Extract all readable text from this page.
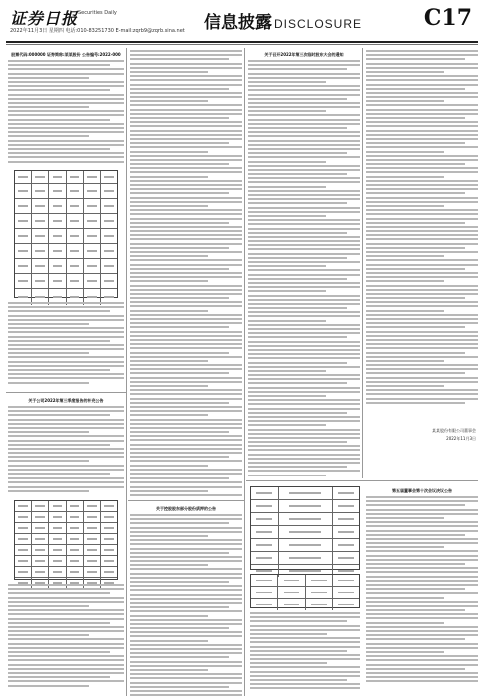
证券日报 Securities Daily
2022年11月3日 星期四 电话:010-83251730 E-mail:zqrb9@zqrb.sina.net 信息披露 DISCLOSURE	C17
股票代码:000000 证券简称:某某股份 公告编号:2022-000
关于公司2022年第三季度报告的补充公告
关于控股股东部分股份质押的公告
关于召开2022年第三次临时股东大会的通知
某某股份有限公司董事会
2022年11月3日
第五届董事会第十次会议决议公告
